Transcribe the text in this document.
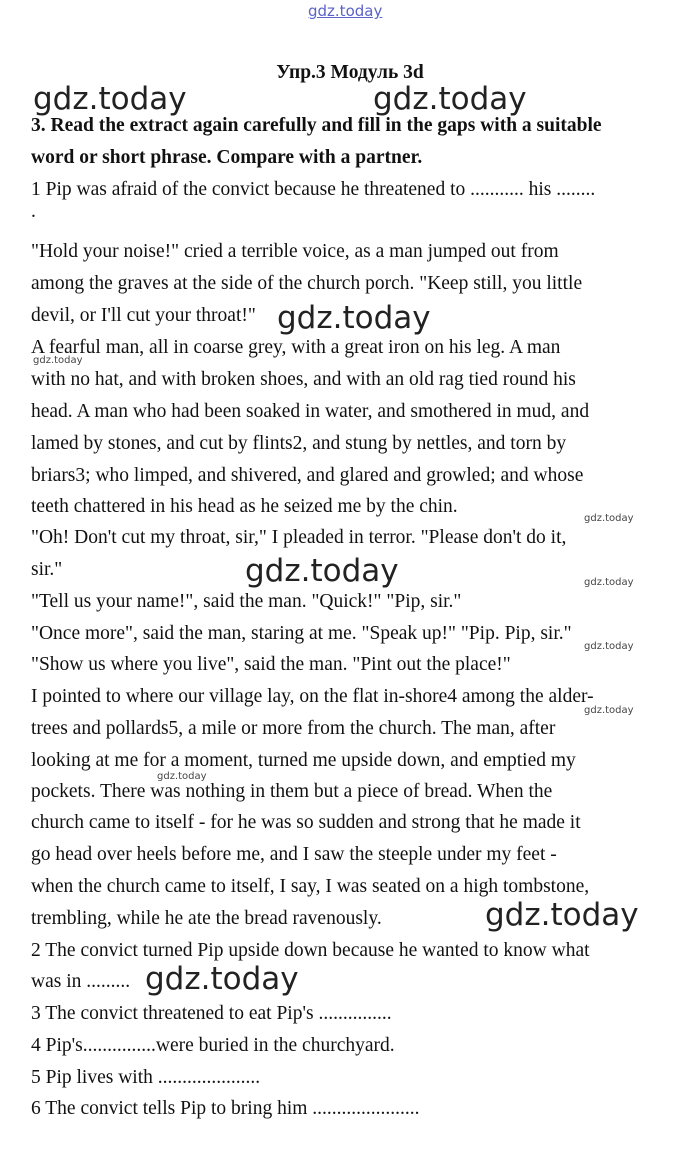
gdz.today
Упр.3 Модуль 3d
3. Read the extract again carefully and fill in the gaps with a suitable
word or short phrase. Compare with a partner.
1 Pip was afraid of the convict because he threatened to ........... his ........
.
"Hold your noise!" cried a terrible voice, as a man jumped out from
among the graves at the side of the church porch. "Keep still, you little
devil, or I'll cut your throat!"
A fearful man, all in coarse grey, with a great iron on his leg. A man
with no hat, and with broken shoes, and with an old rag tied round his
head. A man who had been soaked in water, and smothered in mud, and
lamed by stones, and cut by flints2, and stung by nettles, and torn by
briars3; who limped, and shivered, and glared and growled; and whose
teeth chattered in his head as he seized me by the chin.
"Oh! Don't cut my throat, sir," I pleaded in terror. "Please don't do it,
sir."
"Tell us your name!", said the man. "Quick!" "Pip, sir."
"Once more", said the man, staring at me. "Speak up!" "Pip. Pip, sir."
"Show us where you live", said the man. "Pint out the place!"
I pointed to where our village lay, on the flat in-shore4 among the alder-
trees and pollards5, a mile or more from the church. The man, after
looking at me for a moment, turned me upside down, and emptied my
pockets. There was nothing in them but a piece of bread. When the
church came to itself - for he was so sudden and strong that he made it
go head over heels before me, and I saw the steeple under my feet -
when the church came to itself, I say, I was seated on a high tombstone,
trembling, while he ate the bread ravenously.
2 The convict turned Pip upside down because he wanted to know what
was in .........
3 The convict threatened to eat Pip's ...............
4 Pip's...............were buried in the churchyard.
5 Pip lives with .....................
6 The convict tells Pip to bring him ......................
gdz.today	gdz.today
gdz.today
gdz.today
gdz.today
gdz.today	gdz.today
gdz.today
gdz.today
gdz.today
gdz.today
gdz.today
